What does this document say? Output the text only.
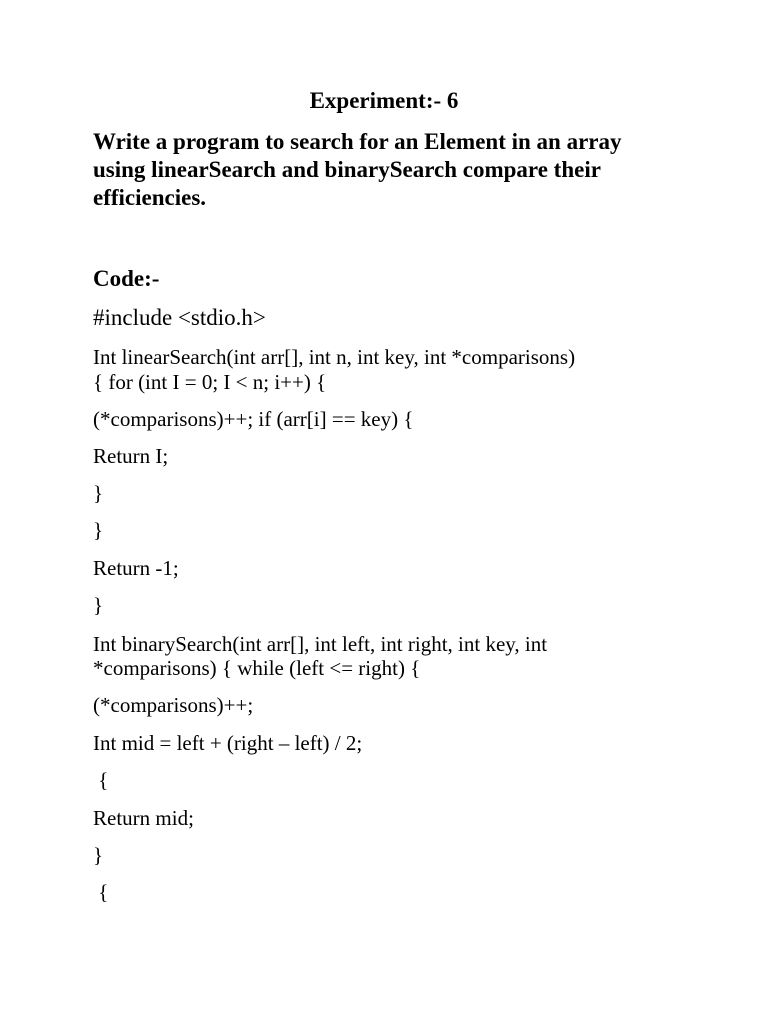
Experiment:- 6
Write a program to search for an Element in an array using linearSearch and binarySearch compare their efficiencies.
Code:-
#include <stdio.h>
Int linearSearch(int arr[], int n, int key, int *comparisons)
{ for (int I = 0; I < n; i++) {
(*comparisons)++; if (arr[i] == key) {
Return I;
}
}
Return -1;
}
Int binarySearch(int arr[], int left, int right, int key, int
*comparisons) { while (left <= right) {
(*comparisons)++;
Int mid = left + (right – left) / 2;
{
Return mid;
}
{
